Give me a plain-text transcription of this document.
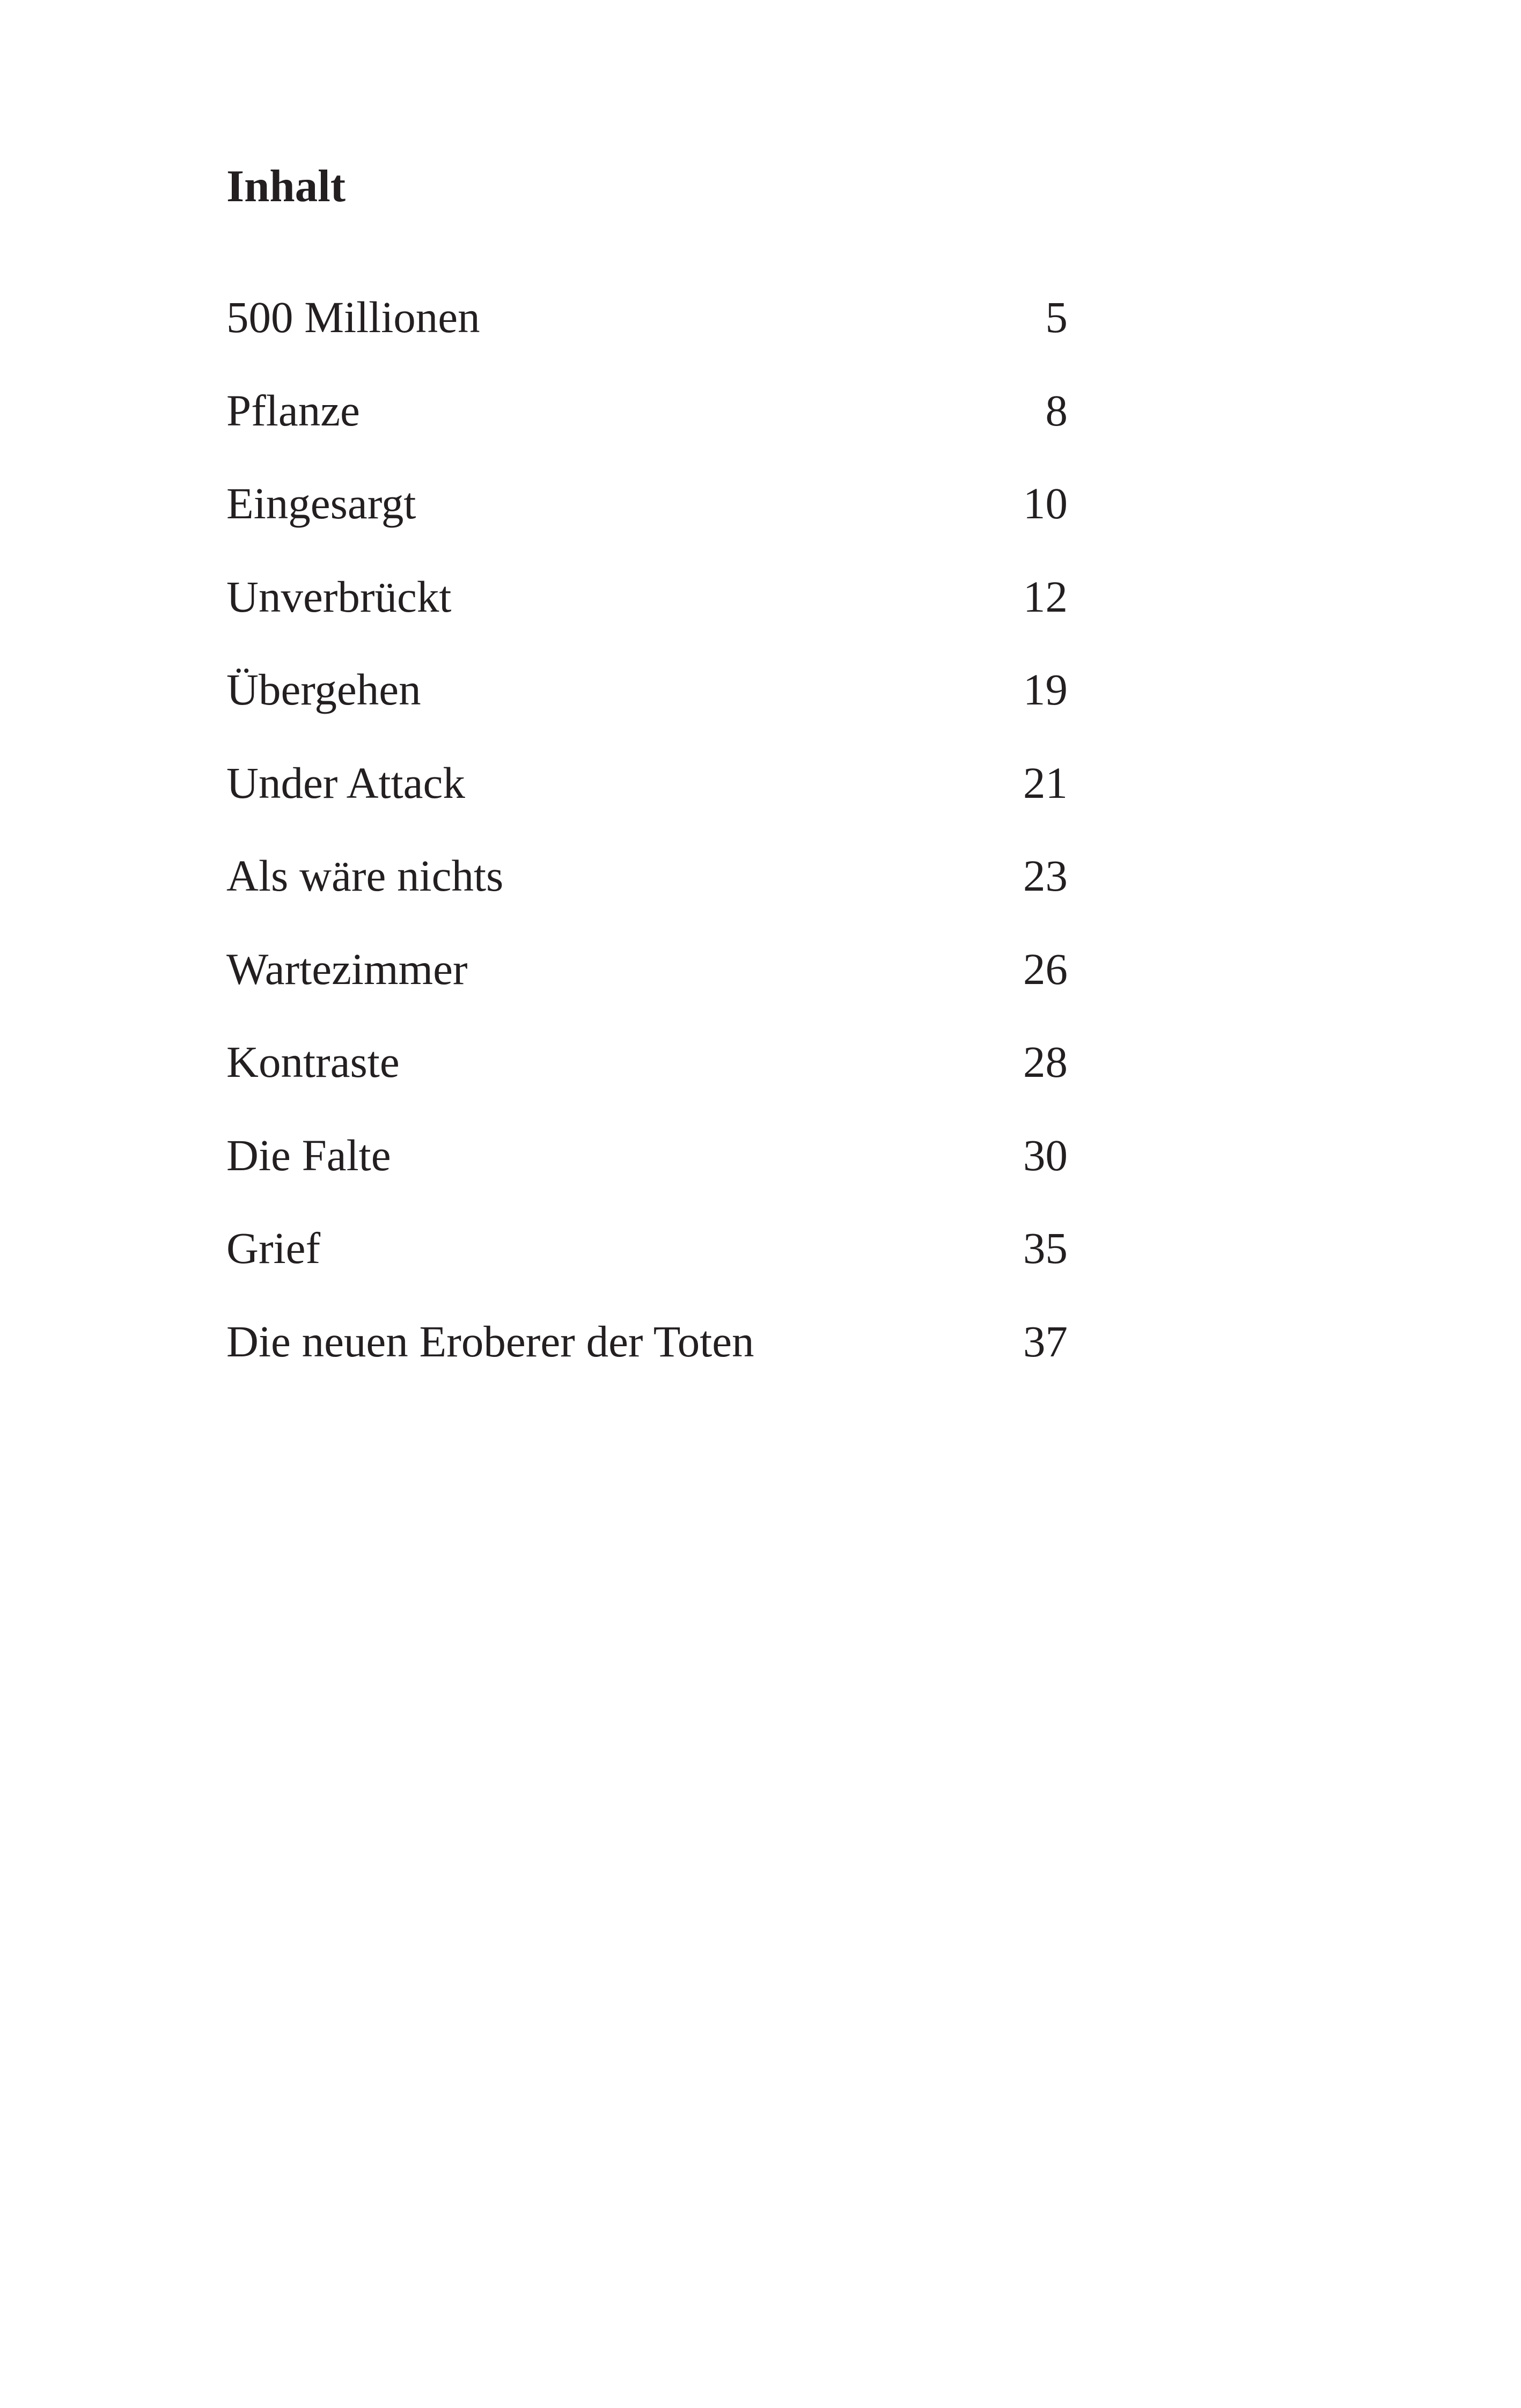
Inhalt
500 Millionen	5
Pflanze	8
Eingesargt	10
Unverbrückt	12
Übergehen	19
Under Attack	21
Als wäre nichts	23
Wartezimmer	26
Kontraste	28
Die Falte	30
Grief	35
Die neuen Eroberer der Toten	37
